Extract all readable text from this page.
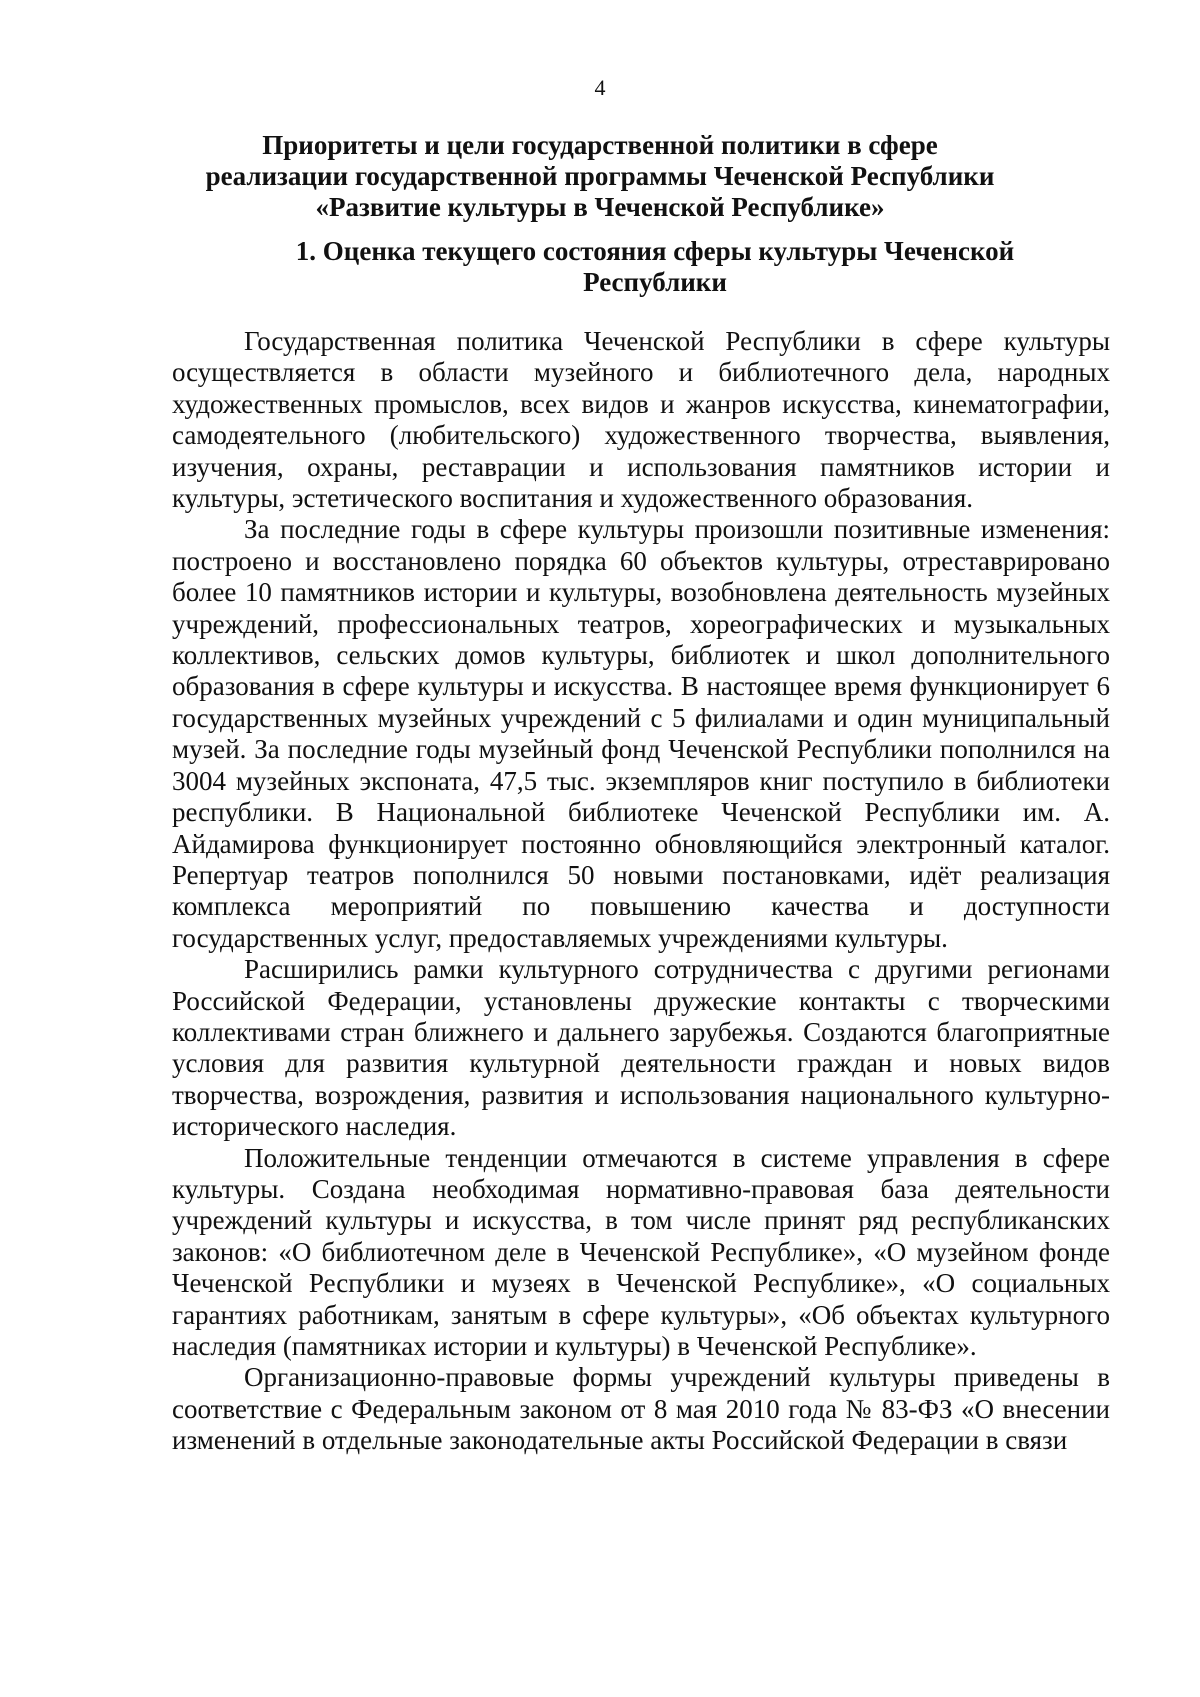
4
Приоритеты и цели государственной политики в сфере реализации государственной программы Чеченской Республики «Развитие культуры в Чеченской Республике»
1. Оценка текущего состояния сферы культуры Чеченской Республики

Государственная политика Чеченской Республики в сфере культуры осуществляется в области музейного и библиотечного дела, народных художественных промыслов, всех видов и жанров искусства, кинематографии, самодеятельного (любительского) художественного творчества, выявления, изучения, охраны, реставрации и использования памятников истории и культуры, эстетического воспитания и художественного образования.

За последние годы в сфере культуры произошли позитивные изменения: построено и восстановлено порядка 60 объектов культуры, отреставрировано более 10 памятников истории и культуры, возобновлена деятельность музейных учреждений, профессиональных театров, хореографических и музыкальных коллективов, сельских домов культуры, библиотек и школ дополнительного образования в сфере культуры и искусства. В настоящее время функционирует 6 государственных музейных учреждений с 5 филиалами и один муниципальный музей. За последние годы музейный фонд Чеченской Республики пополнился на 3004 музейных экспоната, 47,5 тыс. экземпляров книг поступило в библиотеки республики. В Национальной библиотеке Чеченской Республики им. А. Айдамирова функционирует постоянно обновляющийся электронный каталог. Репертуар театров пополнился 50 новыми постановками, идёт реализация комплекса мероприятий по повышению качества и доступности государственных услуг, предоставляемых учреждениями культуры.

Расширились рамки культурного сотрудничества с другими регионами Российской Федерации, установлены дружеские контакты с творческими коллективами стран ближнего и дальнего зарубежья. Создаются благоприятные условия для развития культурной деятельности граждан и новых видов творчества, возрождения, развития и использования национального культурно-исторического наследия.

Положительные тенденции отмечаются в системе управления в сфере культуры. Создана необходимая нормативно-правовая база деятельности учреждений культуры и искусства, в том числе принят ряд республиканских законов: «О библиотечном деле в Чеченской Республике», «О музейном фонде Чеченской Республики и музеях в Чеченской Республике», «О социальных гарантиях работникам, занятым в сфере культуры», «Об объектах культурного наследия (памятниках истории и культуры) в Чеченской Республике».

Организационно-правовые формы учреждений культуры приведены в соответствие с Федеральным законом от 8 мая 2010 года № 83-ФЗ «О внесении изменений в отдельные законодательные акты Российской Федерации в связи
